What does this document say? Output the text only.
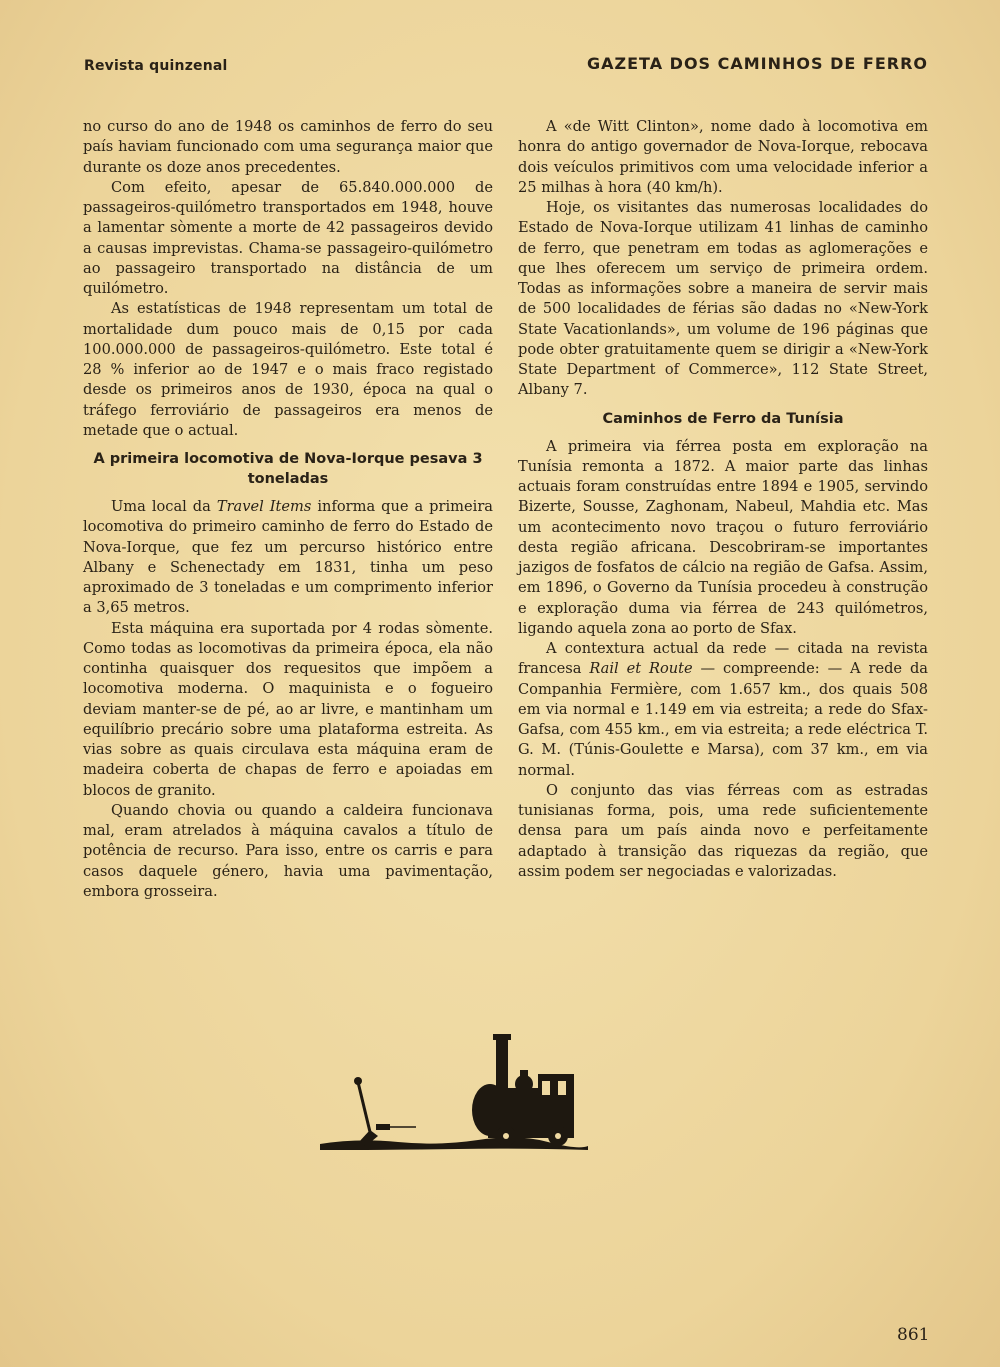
Revista quinzenal	GAZETA DOS CAMINHOS DE FERRO

no curso do ano de 1948 os caminhos de ferro do seu país haviam funcionado com uma segurança maior que durante os doze anos precedentes.

Com efeito, apesar de 65.840.000.000 de passageiros-quilómetro transportados em 1948, houve a lamentar sòmente a morte de 42 passageiros devido a causas imprevistas. Chama-se passageiro-quilómetro ao passageiro transportado na distância de um quilómetro.

As estatísticas de 1948 representam um total de mortalidade dum pouco mais de 0,15 por cada 100.000.000 de passageiros-quilómetro. Este total é 28 % inferior ao de 1947 e o mais fraco registado desde os primeiros anos de 1930, época na qual o tráfego ferroviário de passageiros era menos de metade que o actual.

A primeira locomotiva de Nova-Iorque pesava 3 toneladas

Uma local da Travel Items informa que a primeira locomotiva do primeiro caminho de ferro do Estado de Nova-Iorque, que fez um percurso histórico entre Albany e Schenectady em 1831, tinha um peso aproximado de 3 toneladas e um comprimento inferior a 3,65 metros.

Esta máquina era suportada por 4 rodas sòmente. Como todas as locomotivas da primeira época, ela não continha quaisquer dos requesitos que impõem a locomotiva moderna. O maquinista e o fogueiro deviam manter-se de pé, ao ar livre, e mantinham um equilíbrio precário sobre uma plataforma estreita. As vias sobre as quais circulava esta máquina eram de madeira coberta de chapas de ferro e apoiadas em blocos de granito.

Quando chovia ou quando a caldeira funcionava mal, eram atrelados à máquina cavalos a título de potência de recurso. Para isso, entre os carris e para casos daquele género, havia uma pavimentação, embora grosseira.

A «de Witt Clinton», nome dado à locomotiva em honra do antigo governador de Nova-Iorque, rebocava dois veículos primitivos com uma velocidade inferior a 25 milhas à hora (40 km/h).

Hoje, os visitantes das numerosas localidades do Estado de Nova-Iorque utilizam 41 linhas de caminho de ferro, que penetram em todas as aglomerações e que lhes oferecem um serviço de primeira ordem. Todas as informações sobre a maneira de servir mais de 500 localidades de férias são dadas no «New-York State Vacationlands», um volume de 196 páginas que pode obter gratuitamente quem se dirigir a «New-York State Department of Commerce», 112 State Street, Albany 7.

Caminhos de Ferro da Tunísia

A primeira via férrea posta em exploração na Tunísia remonta a 1872. A maior parte das linhas actuais foram construídas entre 1894 e 1905, servindo Bizerte, Sousse, Zaghonam, Nabeul, Mahdia etc. Mas um acontecimento novo traçou o futuro ferroviário desta região africana. Descobriram-se importantes jazigos de fosfatos de cálcio na região de Gafsa. Assim, em 1896, o Governo da Tunísia procedeu à construção e exploração duma via férrea de 243 quilómetros, ligando aquela zona ao porto de Sfax.

A contextura actual da rede — citada na revista francesa Rail et Route — compreende: — A rede da Companhia Fermière, com 1.657 km., dos quais 508 em via normal e 1.149 em via estreita; a rede do Sfax-Gafsa, com 455 km., em via estreita; a rede eléctrica T. G. M. (Túnis-Goulette e Marsa), com 37 km., em via normal.

O conjunto das vias férreas com as estradas tunisianas forma, pois, uma rede suficientemente densa para um país ainda novo e perfeitamente adaptado à transição das riquezas da região, que assim podem ser negociadas e valorizadas.

861
